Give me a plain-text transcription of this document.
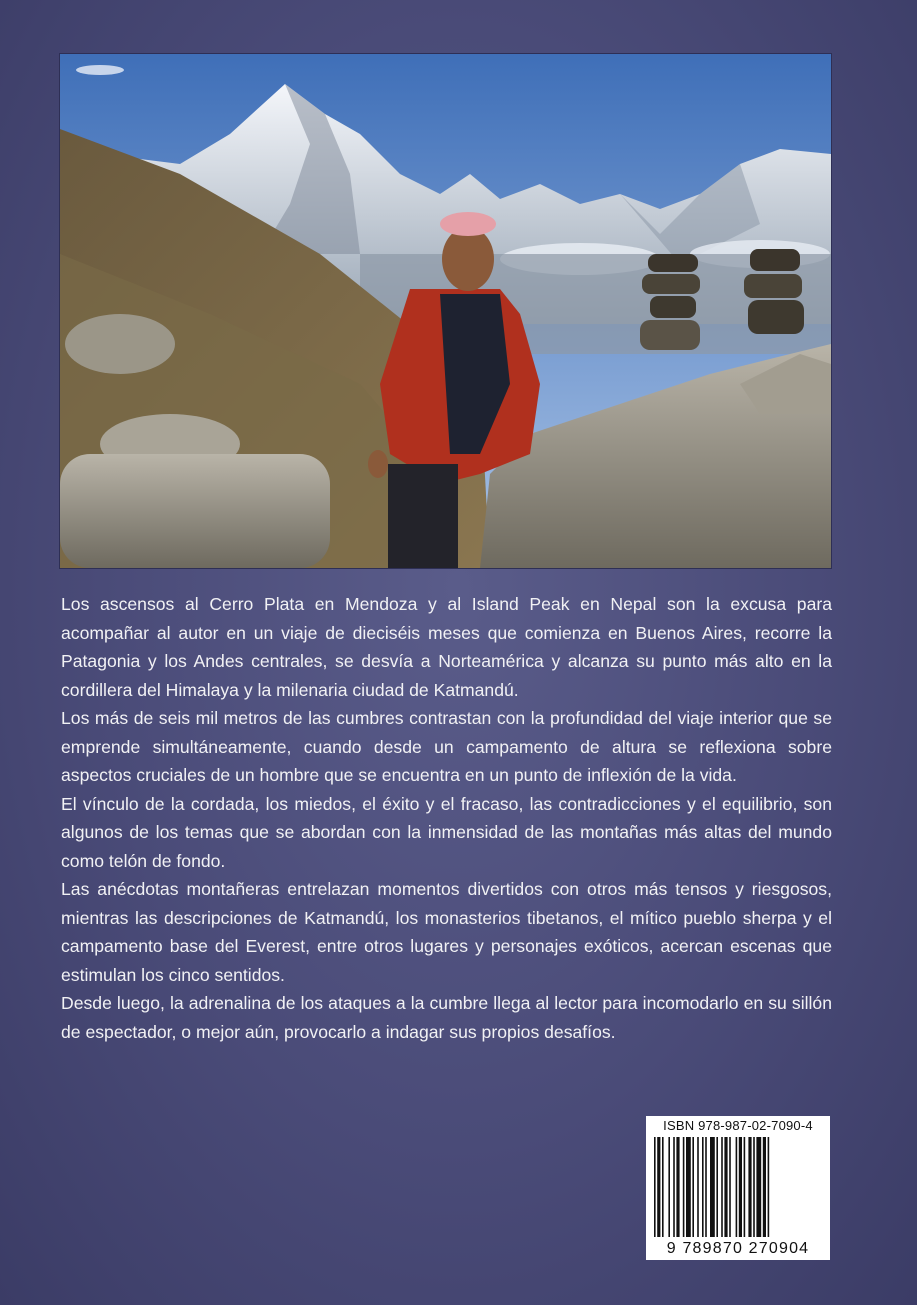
Los ascensos al Cerro Plata en Mendoza y al Island Peak en Nepal son la excusa para acompañar al autor en un viaje de dieciséis meses que comienza en Buenos Aires, recorre la Patagonia y los Andes centrales, se desvía a Norteamérica y alcanza su punto más alto en la cordillera del Himalaya y la milenaria ciudad de Katmandú.

Los más de seis mil metros de las cumbres contrastan con la profundidad del viaje interior que se emprende simultáneamente, cuando desde un campamento de altura se reflexiona sobre aspectos cruciales de un hombre que se encuentra en un punto de inflexión de la vida.

El vínculo de la cordada, los miedos, el éxito y el fracaso, las contradicciones y el equilibrio, son algunos de los temas que se abordan con la inmensidad de las montañas más altas del mundo como telón de fondo.

Las anécdotas montañeras entrelazan momentos divertidos con otros más tensos y riesgosos, mientras las descripciones de Katmandú, los monasterios tibetanos, el mítico pueblo sherpa y el campamento base del Everest, entre otros lugares y personajes exóticos, acercan escenas que estimulan los cinco sentidos.

Desde luego, la adrenalina de los ataques a la cumbre llega al lector para incomodarlo en su sillón de espectador, o mejor aún, provocarlo a indagar sus propios desafíos.

ISBN 978-987-02-7090-4
9 789870 270904
